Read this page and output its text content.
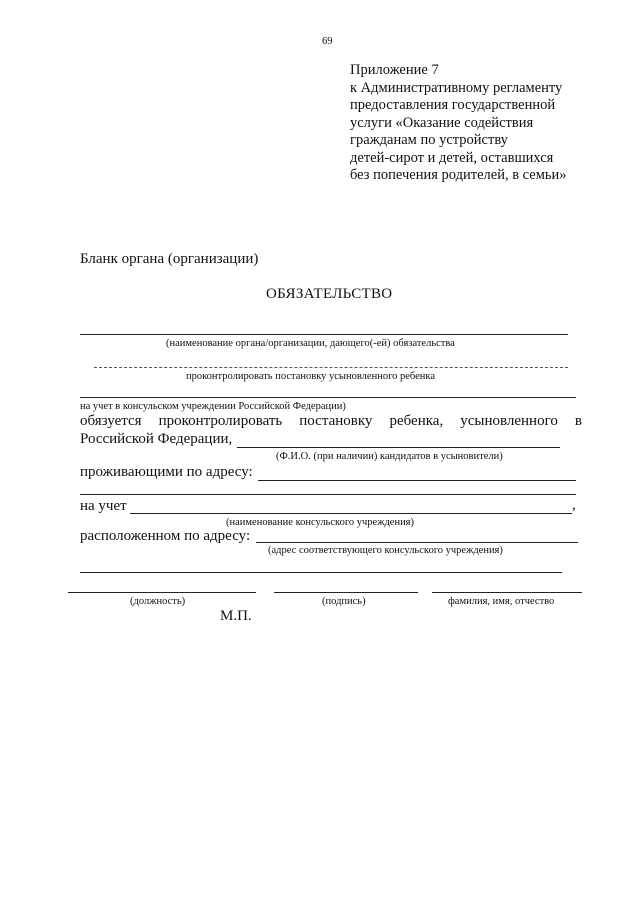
69
Приложение 7
к Административному регламенту
предоставления государственной
услуги «Оказание содействия
гражданам по устройству
детей-сирот и детей, оставшихся
без попечения родителей, в семьи»
Бланк органа (организации)
ОБЯЗАТЕЛЬСТВО
(наименование органа/организации, дающего(-ей) обязательства
проконтролировать постановку усыновленного ребенка
на учет в консульском учреждении Российской Федерации)
обязуется проконтролировать постановку ребенка, усыновленного в
Российской Федерации,
(Ф.И.О. (при наличии) кандидатов в усыновители)
проживающими по адресу:
на учет	,
(наименование консульского учреждения)
расположенном по адресу:
(адрес соответствующего консульского учреждения)
(должность)	(подпись)	фамилия, имя, отчество
М.П.
